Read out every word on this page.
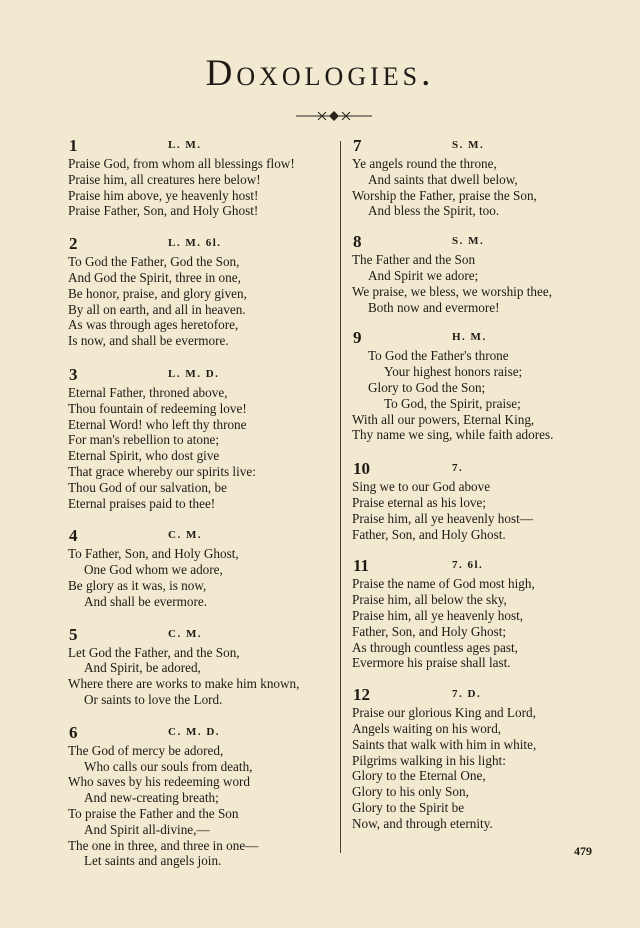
Doxologies.
1	L. M.
Praise God, from whom all blessings flow!
Praise him, all creatures here below!
Praise him above, ye heavenly host!
Praise Father, Son, and Holy Ghost!
2	L. M. 6l.
To God the Father, God the Son,
And God the Spirit, three in one,
Be honor, praise, and glory given,
By all on earth, and all in heaven.
As was through ages heretofore,
Is now, and shall be evermore.
3	L. M. D.
Eternal Father, throned above,
Thou fountain of redeeming love!
Eternal Word! who left thy throne
For man's rebellion to atone;
Eternal Spirit, who dost give
That grace whereby our spirits live:
Thou God of our salvation, be
Eternal praises paid to thee!
4	C. M.
To Father, Son, and Holy Ghost,
One God whom we adore,
Be glory as it was, is now,
And shall be evermore.
5	C. M.
Let God the Father, and the Son,
And Spirit, be adored,
Where there are works to make him known,
Or saints to love the Lord.
6	C. M. D.
The God of mercy be adored,
Who calls our souls from death,
Who saves by his redeeming word
And new-creating breath;
To praise the Father and the Son
And Spirit all-divine,—
The one in three, and three in one—
Let saints and angels join.
7	S. M.
Ye angels round the throne,
And saints that dwell below,
Worship the Father, praise the Son,
And bless the Spirit, too.
8	S. M.
The Father and the Son
And Spirit we adore;
We praise, we bless, we worship thee,
Both now and evermore!
9	H. M.
To God the Father's throne
Your highest honors raise;
Glory to God the Son;
To God, the Spirit, praise;
With all our powers, Eternal King,
Thy name we sing, while faith adores.
10	7.
Sing we to our God above
Praise eternal as his love;
Praise him, all ye heavenly host—
Father, Son, and Holy Ghost.
11	7. 6l.
Praise the name of God most high,
Praise him, all below the sky,
Praise him, all ye heavenly host,
Father, Son, and Holy Ghost;
As through countless ages past,
Evermore his praise shall last.
12	7. D.
Praise our glorious King and Lord,
Angels waiting on his word,
Saints that walk with him in white,
Pilgrims walking in his light:
Glory to the Eternal One,
Glory to his only Son,
Glory to the Spirit be
Now, and through eternity.
479
